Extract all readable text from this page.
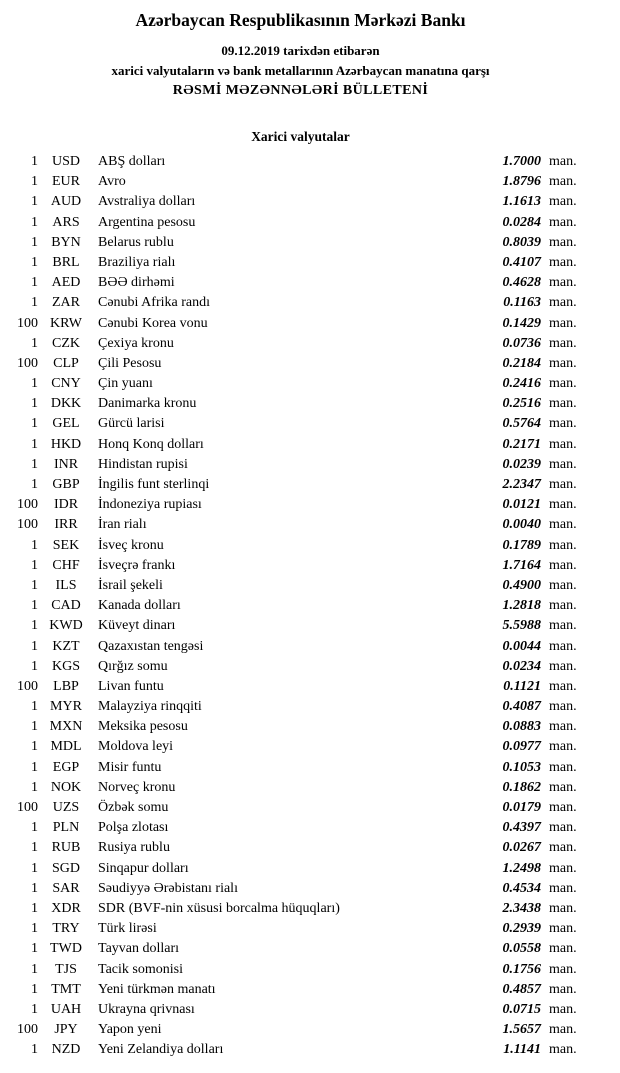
Azərbaycan Respublikasının Mərkəzi Bankı
09.12.2019 tarixdən etibarən
xarici valyutaların və bank metallarının Azərbaycan manatına qarşı
RƏSMİ MƏZƏNNƏLƏRİ BÜLLETENİ
Xarici valyutalar
1 USD	ABŞ dolları	1.7000 man.
1	EUR	Avro	1.8796 man.
1 AUD	Avstraliya dolları	1.1613 man.
1	ARS	Argentina pesosu	0.0284 man.
1 BYN	Belarus rublu	0.8039 man.
1	BRL	Braziliya rialı	0.4107 man.
1 AED	BƏƏ dirhəmi	0.4628 man.
1	ZAR	Cənubi Afrika randı	0.1163 man.
100 KRW	Cənubi Korea vonu	0.1429 man.
1	CZK	Çexiya kronu	0.0736 man.
100	CLP	Çili Pesosu	0.2184 man.
1 CNY	Çin yuanı	0.2416 man.
1 DKK	Danimarka kronu	0.2516 man.
1	GEL	Gürcü larisi	0.5764 man.
1 HKD	Honq Konq dolları	0.2171 man.
1	INR	Hindistan rupisi	0.0239 man.
1	GBP	İngilis funt sterlinqi	2.2347 man.
100	IDR	İndoneziya rupiası	0.0121 man.
100	IRR	İran rialı	0.0040 man.
1	SEK	İsveç kronu	0.1789 man.
1	CHF	İsveçrə frankı	1.7164 man.
1	ILS	İsrail şekeli	0.4900 man.
1 CAD	Kanada dolları	1.2818 man.
1 KWD	Küveyt dinarı	5.5988 man.
1	KZT	Qazaxıstan tengəsi	0.0044 man.
1 KGS	Qırğız somu	0.0234 man.
100	LBP	Livan funtu	0.1121 man.
1 MYR	Malayziya rinqqiti	0.4087 man.
1 MXN	Meksika pesosu	0.0883 man.
1 MDL	Moldova leyi	0.0977 man.
1	EGP	Misir funtu	0.1053 man.
1 NOK	Norveç kronu	0.1862 man.
100	UZS	Özbək somu	0.0179 man.
1	PLN	Polşa zlotası	0.4397 man.
1 RUB	Rusiya rublu	0.0267 man.
1 SGD	Sinqapur dolları	1.2498 man.
1	SAR	Səudiyyə Ərəbistanı rialı	0.4534 man.
1 XDR	SDR (BVF-nin xüsusi borcalma hüquqları)	2.3438 man.
1	TRY	Türk lirəsi	0.2939 man.
1 TWD	Tayvan dolları	0.0558 man.
1	TJS	Tacik somonisi	0.1756 man.
1 TMT	Yeni türkmən manatı	0.4857 man.
1 UAH	Ukrayna qrivnası	0.0715 man.
100	JPY	Yapon yeni	1.5657 man.
1 NZD	Yeni Zelandiya dolları	1.1141 man.
